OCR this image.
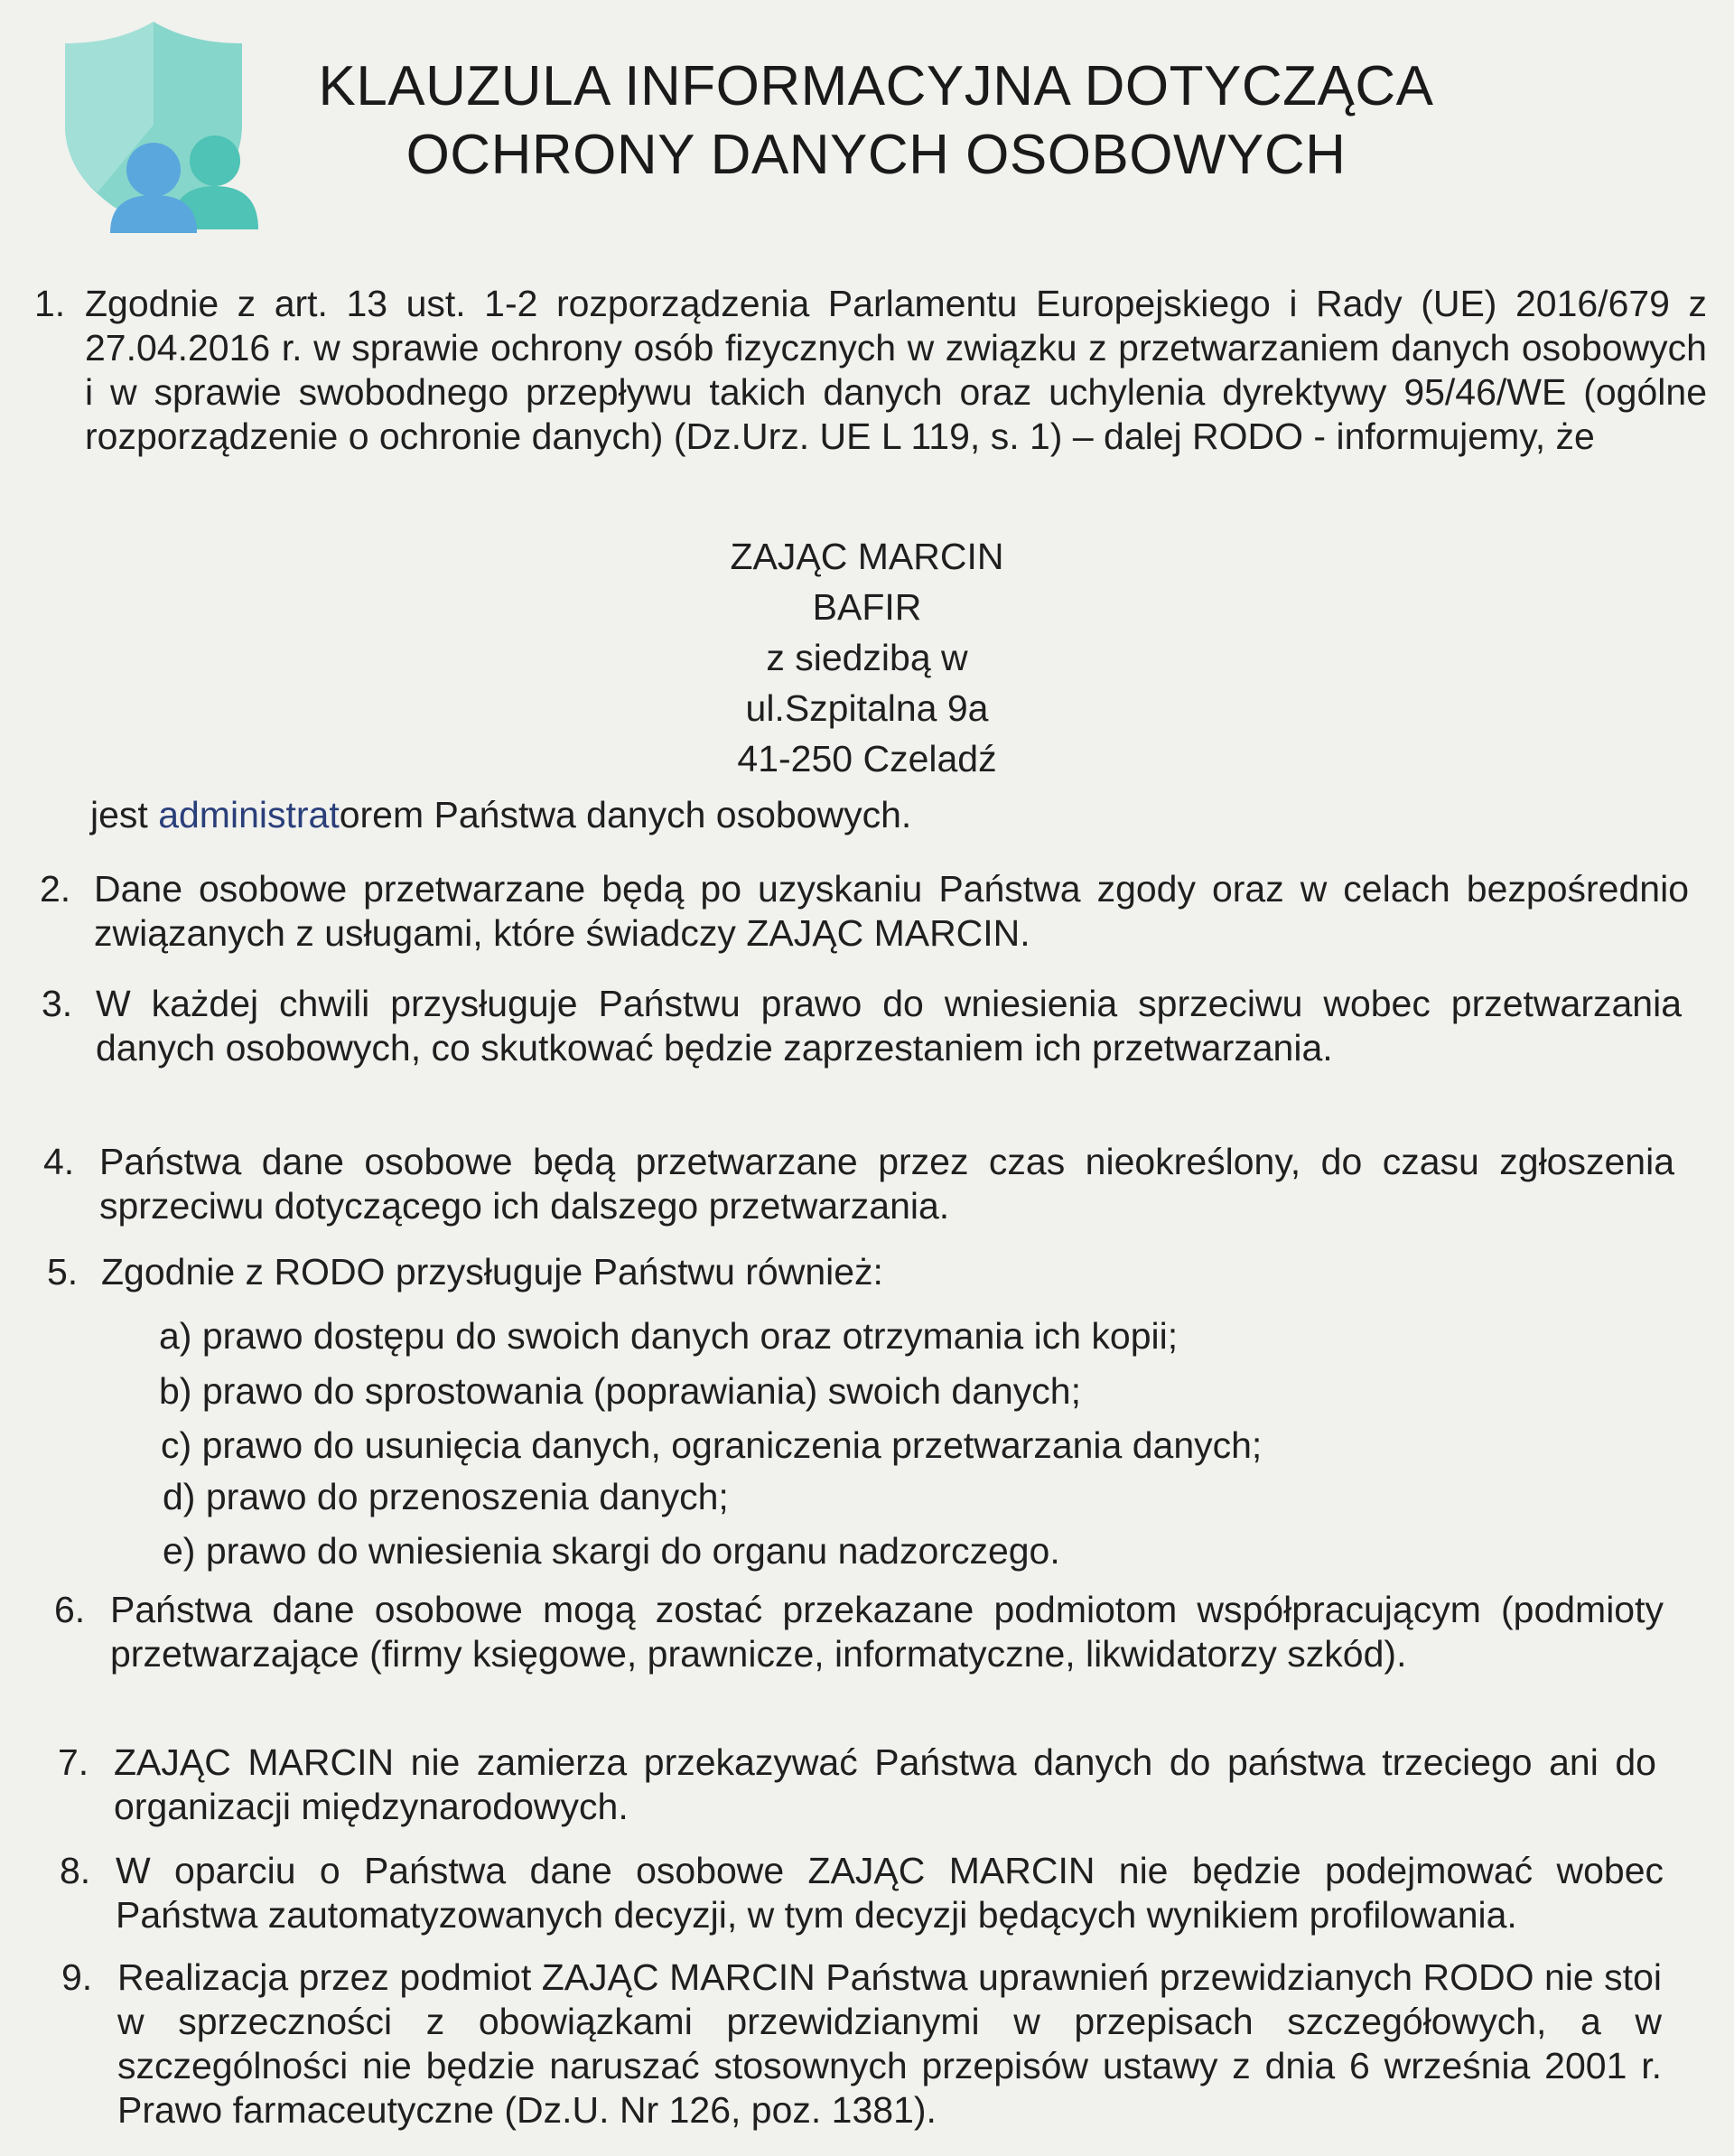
KLAUZULA INFORMACYJNA DOTYCZĄCA
OCHRONY DANYCH OSOBOWYCH
1. Zgodnie z art. 13 ust. 1-2 rozporządzenia Parlamentu Europejskiego i Rady (UE) 2016/679 z 27.04.2016 r. w sprawie ochrony osób fizycznych w związku z przetwarzaniem danych osobowych i w sprawie swobodnego przepływu takich danych oraz uchylenia dyrektywy 95/46/WE (ogólne rozporządzenie o ochronie danych) (Dz.Urz. UE L 119, s. 1) – dalej RODO - informujemy, że
ZAJĄC MARCIN
BAFIR
z siedzibą w
ul.Szpitalna 9a
41-250 Czeladź
jest administratorem Państwa danych osobowych.
2. Dane osobowe przetwarzane będą po uzyskaniu Państwa zgody oraz w celach bezpośrednio związanych z usługami, które świadczy ZAJĄC MARCIN.
3. W każdej chwili przysługuje Państwu prawo do wniesienia sprzeciwu wobec przetwarzania danych osobowych, co skutkować będzie zaprzestaniem ich przetwarzania.
4. Państwa dane osobowe będą przetwarzane przez czas nieokreślony, do czasu zgłoszenia sprzeciwu dotyczącego ich dalszego przetwarzania.
5. Zgodnie z RODO przysługuje Państwu również:
a) prawo dostępu do swoich danych oraz otrzymania ich kopii;
b) prawo do sprostowania (poprawiania) swoich danych;
c) prawo do usunięcia danych, ograniczenia przetwarzania danych;
d) prawo do przenoszenia danych;
e) prawo do wniesienia skargi do organu nadzorczego.
6. Państwa dane osobowe mogą zostać przekazane podmiotom współpracującym (podmioty przetwarzające (firmy księgowe, prawnicze, informatyczne, likwidatorzy szkód).
7. ZAJĄC MARCIN nie zamierza przekazywać Państwa danych do państwa trzeciego ani do organizacji międzynarodowych.
8. W oparciu o Państwa dane osobowe ZAJĄC MARCIN nie będzie podejmować wobec Państwa zautomatyzowanych decyzji, w tym decyzji będących wynikiem profilowania.
9. Realizacja przez podmiot ZAJĄC MARCIN Państwa uprawnień przewidzianych RODO nie stoi w sprzeczności z obowiązkami przewidzianymi w przepisach szczegółowych, a w szczególności nie będzie naruszać stosownych przepisów ustawy z dnia 6 września 2001 r. Prawo farmaceutyczne (Dz.U. Nr 126, poz. 1381).
